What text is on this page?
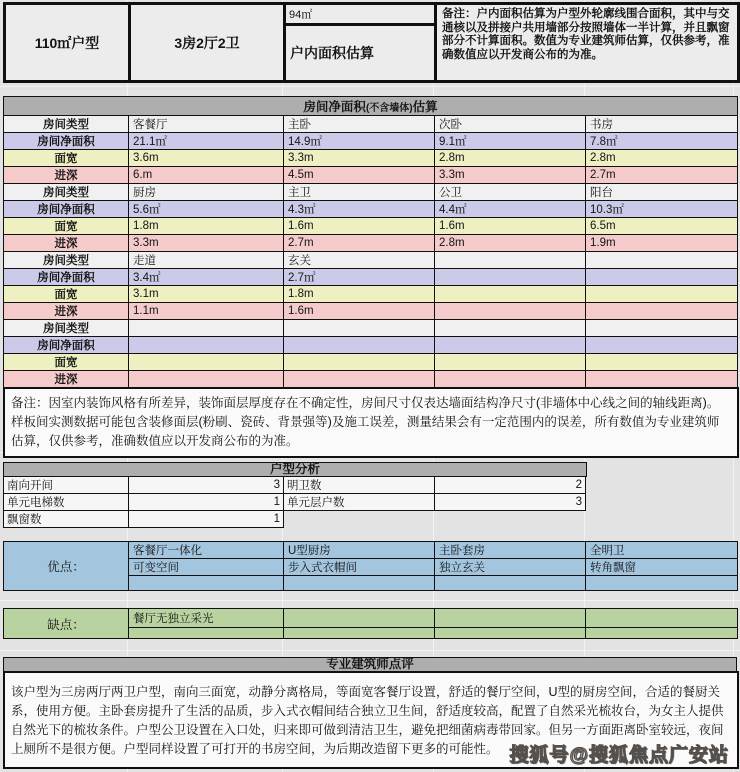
110㎡户型	3房2厅2卫	94㎡	备注：户内面积估算为户型外轮廓线围合面积，其中与交通核以及拼接户共用墙部分按照墙体一半计算，并且飘窗部分不计算面积。数值为专业建筑师估算，仅供参考，准确数值应以开发商公布的为准。
户内面积估算
房间净面积(不含墙体)估算				
房间类型	客餐厅	主卧	次卧	书房
房间净面积	21.1㎡	14.9㎡	9.1㎡	7.8㎡
面宽	3.6m	3.3m	2.8m	2.8m
进深	6.m	4.5m	3.3m	2.7m
房间类型	厨房	主卫	公卫	阳台
房间净面积	5.6㎡	4.3㎡	4.4㎡	10.3㎡
面宽	1.8m	1.6m	1.6m	6.5m
进深	3.3m	2.7m	2.8m	1.9m
房间类型	走道	玄关		
房间净面积	3.4㎡	2.7㎡		
面宽	3.1m	1.8m		
进深	1.1m	1.6m		
房间类型				
房间净面积				
面宽				
进深				
备注：因室内装饰风格有所差异，装饰面层厚度存在不确定性，房间尺寸仅表达墙面结构净尺寸(非墙体中心线之间的轴线距离)。样板间实测数据可能包含装修面层(粉刷、瓷砖、背景强等)及施工误差，测量结果会有一定范围内的误差，所有数值为专业建筑师估算，仅供参考，准确数值应以开发商公布的为准。
户型分析
南向开间	3	明卫数	2
单元电梯数	1	单元层户数	3
飘窗数	1
优点：	客餐厅一体化	U型厨房	主卧套房	全明卫
	可变空间	步入式衣帽间	独立玄关	转角飘窗

缺点：	餐厅无独立采光			

专业建筑师点评
该户型为三房两厅两卫户型，南向三面宽，动静分离格局，等面宽客餐厅设置，舒适的餐厅空间，U型的厨房空间，合适的餐厨关系，使用方便。主卧套房提升了生活的品质，步入式衣帽间结合独立卫生间，舒适度较高，配置了自然采光梳妆台，为女主人提供自然光下的梳妆条件。户型公卫设置在入口处，归来即可做到清洁卫生，避免把细菌病毒带回家。但另一方面距离卧室较远，夜间上厕所不是很方便。户型同样设置了可打开的书房空间，为后期改造留下更多的可能性。 搜狐号@搜狐焦点广安站
